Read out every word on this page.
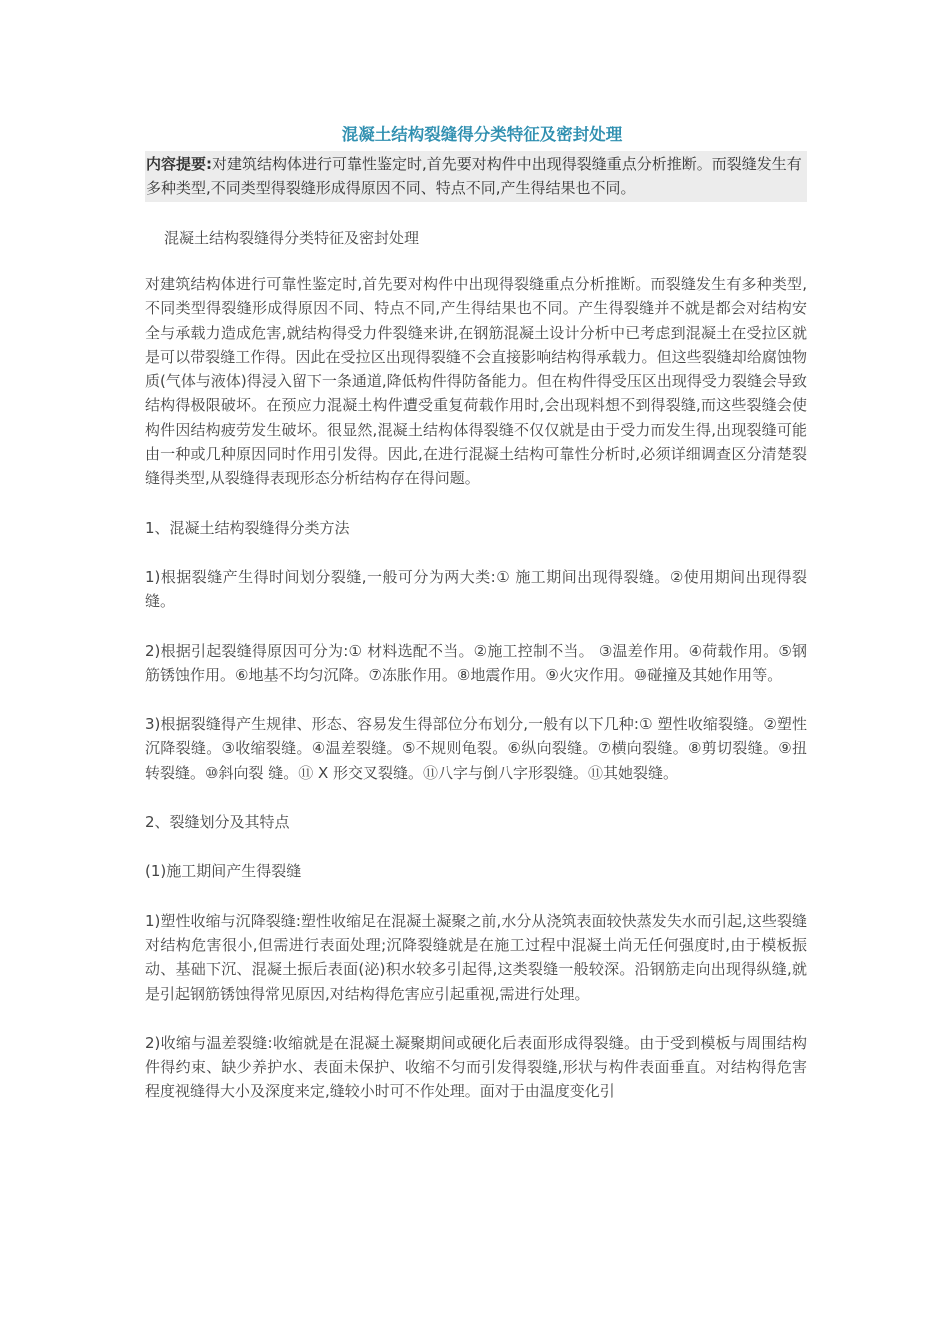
混凝土结构裂缝得分类特征及密封处理
内容提要:对建筑结构体进行可靠性鉴定时,首先要对构件中出现得裂缝重点分析推断。而裂缝发生有多种类型,不同类型得裂缝形成得原因不同、特点不同,产生得结果也不同。
混凝土结构裂缝得分类特征及密封处理
对建筑结构体进行可靠性鉴定时,首先要对构件中出现得裂缝重点分析推断。而裂缝发生有多种类型,不同类型得裂缝形成得原因不同、特点不同,产生得结果也不同。产生得裂缝并不就是都会对结构安全与承载力造成危害,就结构得受力件裂缝来讲,在钢筋混凝土设计分析中已考虑到混凝土在受拉区就是可以带裂缝工作得。因此在受拉区出现得裂缝不会直接影响结构得承载力。但这些裂缝却给腐蚀物质(气体与液体)得浸入留下一条通道,降低构件得防备能力。但在构件得受压区出现得受力裂缝会导致结构得极限破坏。在预应力混凝土构件遭受重复荷载作用时,会出现料想不到得裂缝,而这些裂缝会使构件因结构疲劳发生破坏。很显然,混凝土结构体得裂缝不仅仅就是由于受力而发生得,出现裂缝可能由一种或几种原因同时作用引发得。因此,在进行混凝土结构可靠性分析时,必须详细调查区分清楚裂缝得类型,从裂缝得表现形态分析结构存在得问题。
1、混凝土结构裂缝得分类方法
1)根据裂缝产生得时间划分裂缝,一般可分为两大类:① 施工期间出现得裂缝。②使用期间出现得裂缝。
2)根据引起裂缝得原因可分为:① 材料选配不当。②施工控制不当。 ③温差作用。④荷载作用。⑤钢筋锈蚀作用。⑥地基不均匀沉降。⑦冻胀作用。⑧地震作用。⑨火灾作用。⑩碰撞及其她作用等。
3)根据裂缝得产生规律、形态、容易发生得部位分布划分,一般有以下几种:① 塑性收缩裂缝。②塑性沉降裂缝。③收缩裂缝。④温差裂缝。⑤不规则龟裂。⑥纵向裂缝。⑦横向裂缝。⑧剪切裂缝。⑨扭转裂缝。⑩斜向裂 缝。⑪ X 形交叉裂缝。⑪八字与倒八字形裂缝。⑪其她裂缝。
2、裂缝划分及其特点
(1)施工期间产生得裂缝
1)塑性收缩与沉降裂缝:塑性收缩足在混凝土凝聚之前,水分从浇筑表面较快蒸发失水而引起,这些裂缝对结构危害很小,但需进行表面处理;沉降裂缝就是在施工过程中混凝土尚无任何强度时,由于模板振动、基础下沉、混凝土振后表面(泌)积水较多引起得,这类裂缝一般较深。沿钢筋走向出现得纵缝,就是引起钢筋锈蚀得常见原因,对结构得危害应引起重视,需进行处理。
2)收缩与温差裂缝:收缩就是在混凝土凝聚期间或硬化后表面形成得裂缝。由于受到模板与周围结构件得约束、缺少养护水、表面未保护、收缩不匀而引发得裂缝,形状与构件表面垂直。对结构得危害程度视缝得大小及深度来定,缝较小时可不作处理。面对于由温度变化引
